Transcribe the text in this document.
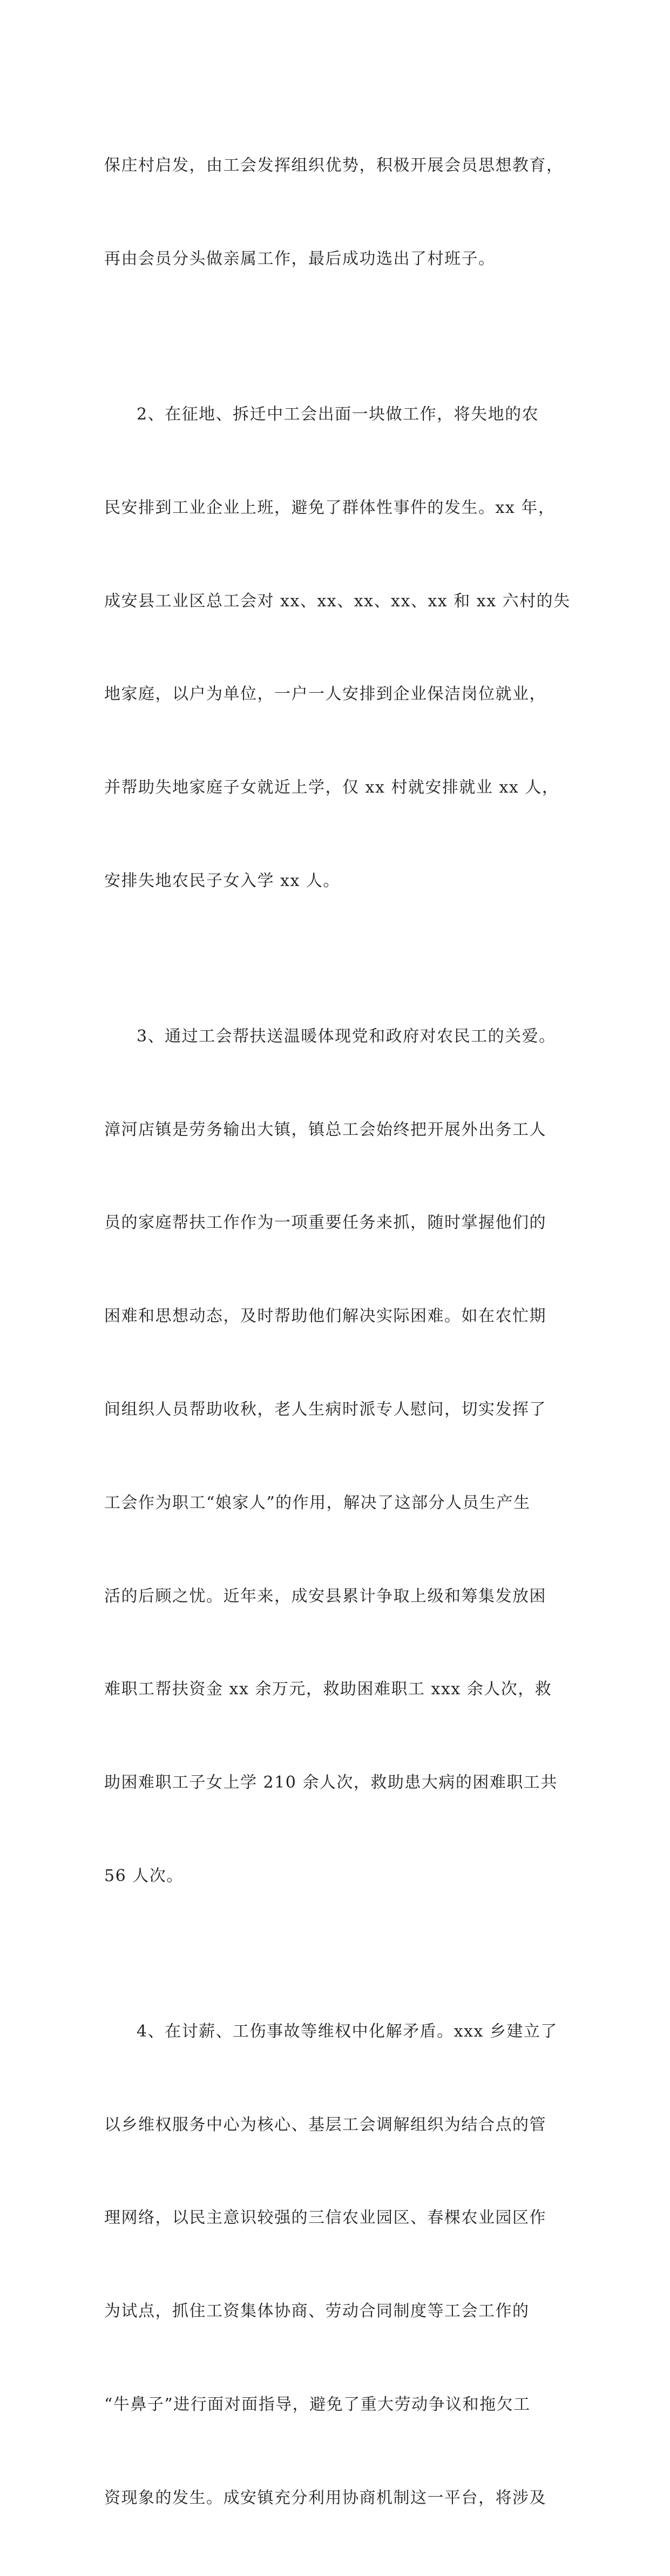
保庄村启发，由工会发挥组织优势，积极开展会员思想教育，

再由会员分头做亲属工作，最后成功选出了村班子。

2、在征地、拆迁中工会出面一块做工作，将失地的农

民安排到工业企业上班，避免了群体性事件的发生。xx 年，

成安县工业区总工会对 xx、xx、xx、xx、xx 和 xx 六村的失

地家庭，以户为单位，一户一人安排到企业保洁岗位就业，

并帮助失地家庭子女就近上学，仅 xx 村就安排就业 xx 人，

安排失地农民子女入学 xx 人。

3、通过工会帮扶送温暖体现党和政府对农民工的关爱。

漳河店镇是劳务输出大镇，镇总工会始终把开展外出务工人

员的家庭帮扶工作作为一项重要任务来抓，随时掌握他们的

困难和思想动态，及时帮助他们解决实际困难。如在农忙期

间组织人员帮助收秋，老人生病时派专人慰问，切实发挥了

工会作为职工“娘家人”的作用，解决了这部分人员生产生

活的后顾之忧。近年来，成安县累计争取上级和筹集发放困

难职工帮扶资金 xx 余万元，救助困难职工 xxx 余人次，救

助困难职工子女上学 210 余人次，救助患大病的困难职工共

56 人次。

4、在讨薪、工伤事故等维权中化解矛盾。xxx 乡建立了

以乡维权服务中心为核心、基层工会调解组织为结合点的管

理网络，以民主意识较强的三信农业园区、春棵农业园区作

为试点，抓住工资集体协商、劳动合同制度等工会工作的

“牛鼻子”进行面对面指导，避免了重大劳动争议和拖欠工

资现象的发生。成安镇充分利用协商机制这一平台，将涉及
